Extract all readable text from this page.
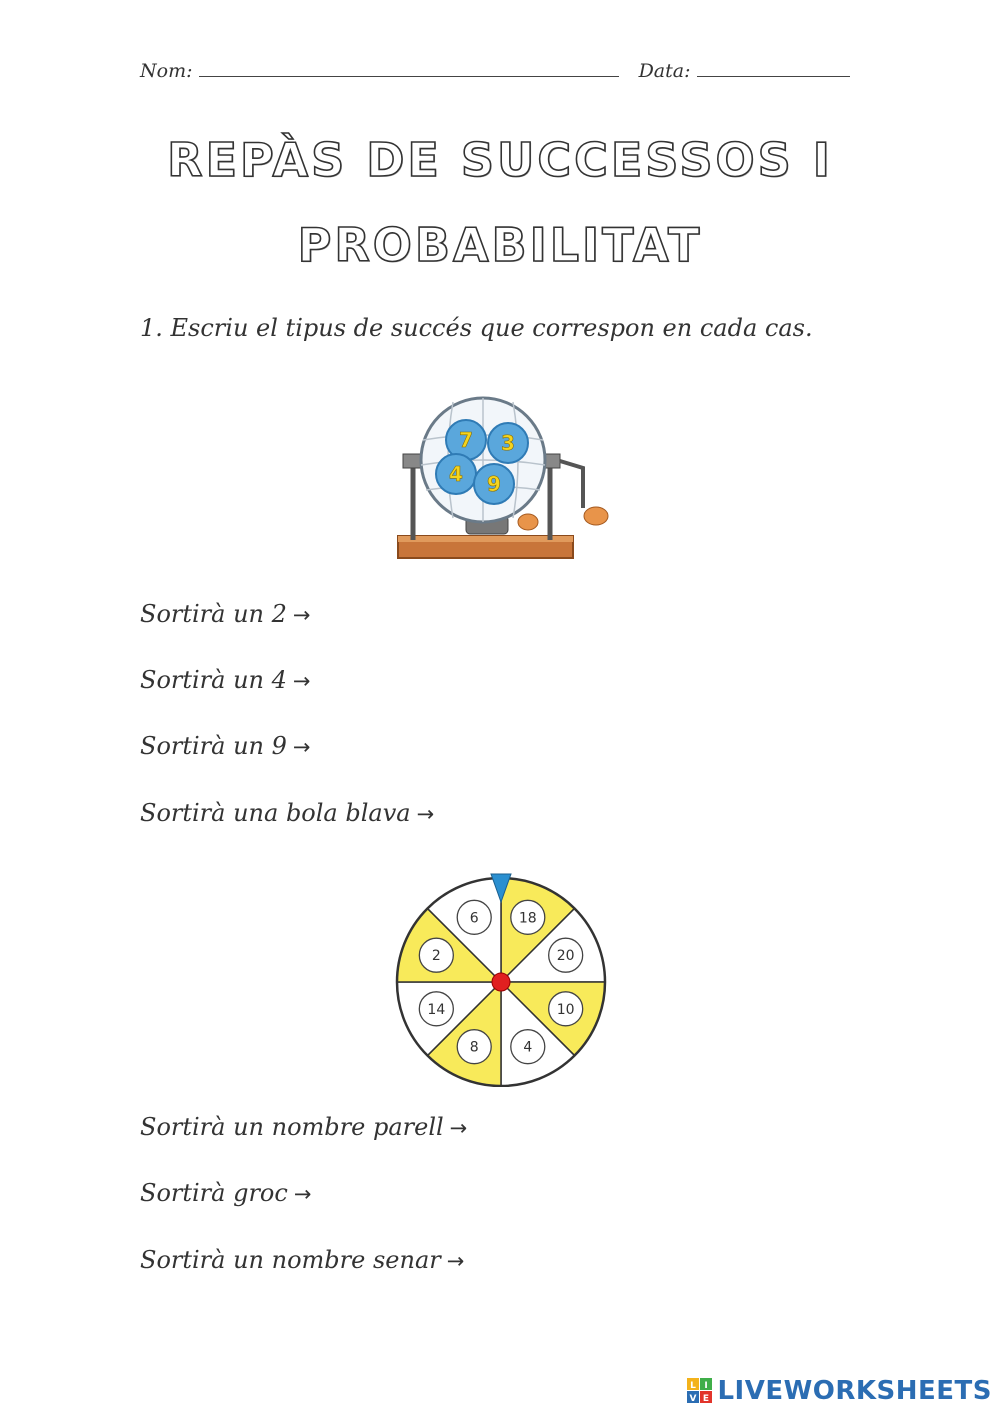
Nom:	Data:
REPÀS DE SUCCESSOS I
PROBABILITAT
1. Escriu el tipus de succés que correspon en cada cas.
7 3
4 9
Sortirà un 2 →
Sortirà un 4 →
Sortirà un 9 →
Sortirà una bola blava →
18
20
10
4
8
14
2
6
Sortirà un nombre parell →
Sortirà groc →
Sortirà un nombre senar →
L I
V E LIVEWORKSHEETS
